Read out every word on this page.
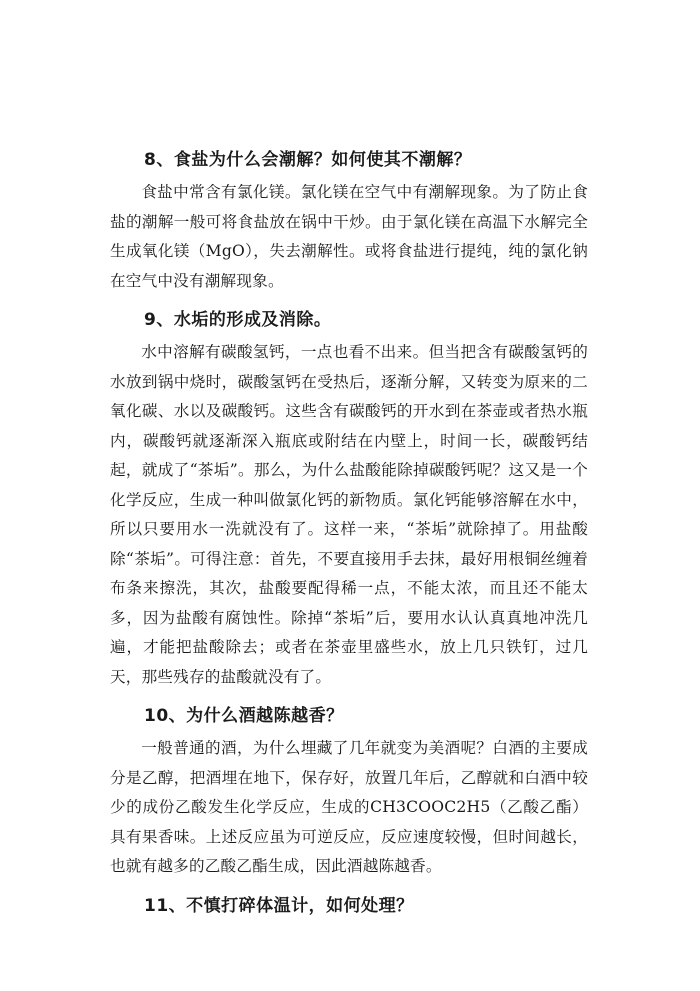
8、食盐为什么会潮解？如何使其不潮解？

食盐中常含有氯化镁。氯化镁在空气中有潮解现象。为了防止食盐的潮解一般可将食盐放在锅中干炒。由于氯化镁在高温下水解完全生成氧化镁（MgO），失去潮解性。或将食盐进行提纯，纯的氯化钠在空气中没有潮解现象。

9、水垢的形成及消除。

水中溶解有碳酸氢钙，一点也看不出来。但当把含有碳酸氢钙的水放到锅中烧时，碳酸氢钙在受热后，逐渐分解，又转变为原来的二氧化碳、水以及碳酸钙。这些含有碳酸钙的开水到在茶壶或者热水瓶内，碳酸钙就逐渐深入瓶底或附结在内壁上，时间一长，碳酸钙结起，就成了“茶垢”。那么，为什么盐酸能除掉碳酸钙呢？这又是一个化学反应，生成一种叫做氯化钙的新物质。氯化钙能够溶解在水中，所以只要用水一洗就没有了。这样一来，“茶垢”就除掉了。用盐酸除“茶垢”。可得注意：首先，不要直接用手去抹，最好用根铜丝缠着布条来擦洗，其次，盐酸要配得稀一点，不能太浓，而且还不能太多，因为盐酸有腐蚀性。除掉“茶垢”后，要用水认认真真地冲洗几遍，才能把盐酸除去；或者在茶壶里盛些水，放上几只铁钉，过几天，那些残存的盐酸就没有了。

10、为什么酒越陈越香？

一般普通的酒，为什么埋藏了几年就变为美酒呢？白酒的主要成分是乙醇，把酒埋在地下，保存好，放置几年后，乙醇就和白酒中较少的成份乙酸发生化学反应，生成的CH3COOC2H5（乙酸乙酯）具有果香味。上述反应虽为可逆反应，反应速度较慢，但时间越长，也就有越多的乙酸乙酯生成，因此酒越陈越香。

11、不慎打碎体温计，如何处理？
